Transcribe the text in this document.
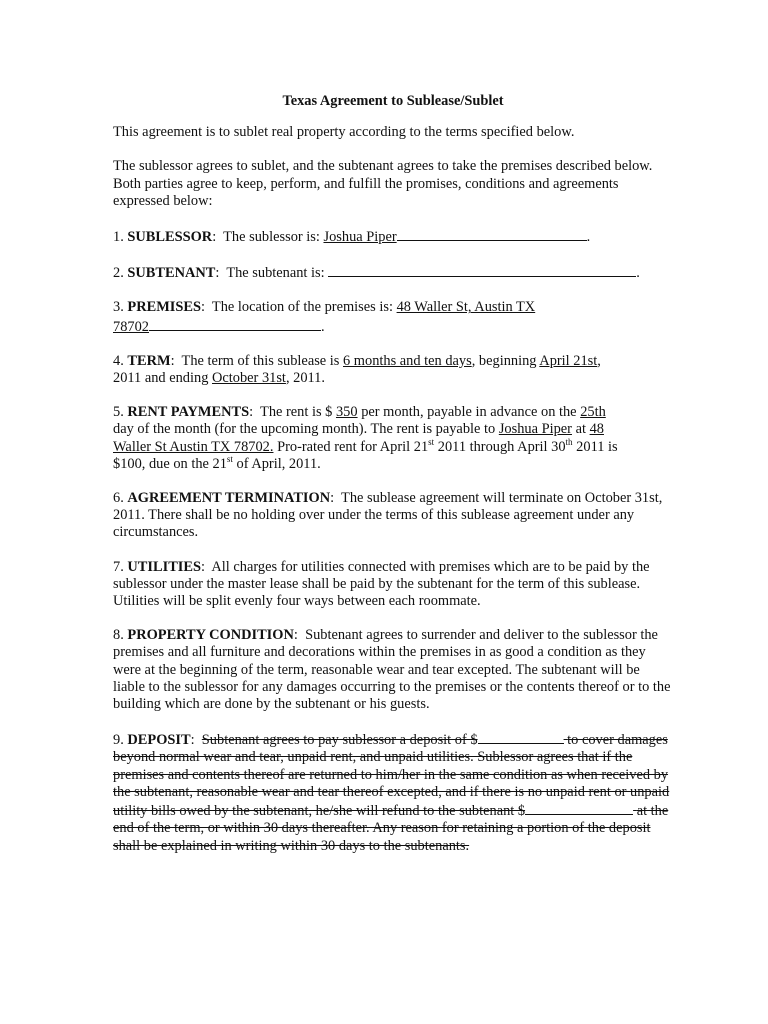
Texas Agreement to Sublease/Sublet

This agreement is to sublet real property according to the terms specified below.

The sublessor agrees to sublet, and the subtenant agrees to take the premises described below. Both parties agree to keep, perform, and fulfill the promises, conditions and agreements expressed below:

1. SUBLESSOR:  The sublessor is: Joshua Piper	.

2. SUBTENANT:  The subtenant is:	.

3. PREMISES:  The location of the premises is: 48 Waller St, Austin TX
78702	.

4. TERM:  The term of this sublease is 6 months and ten days, beginning April 21st,
2011 and ending October 31st, 2011.

5. RENT PAYMENTS:  The rent is $ 350 per month, payable in advance on the 25th
day of the month (for the upcoming month). The rent is payable to Joshua Piper at 48
Waller St Austin TX 78702. Pro-rated rent for April 21st 2011 through April 30th 2011 is
$100, due on the 21st of April, 2011.

6. AGREEMENT TERMINATION:  The sublease agreement will terminate on October 31st, 2011. There shall be no holding over under the terms of this sublease agreement under any circumstances.

7. UTILITIES:  All charges for utilities connected with premises which are to be paid by the sublessor under the master lease shall be paid by the subtenant for the term of this sublease. Utilities will be split evenly four ways between each roommate.

8. PROPERTY CONDITION:  Subtenant agrees to surrender and deliver to the sublessor the premises and all furniture and decorations within the premises in as good a condition as they were at the beginning of the term, reasonable wear and tear excepted. The subtenant will be liable to the sublessor for any damages occurring to the premises or the contents thereof or to the building which are done by the subtenant or his guests.

9. DEPOSIT:  Subtenant agrees to pay sublessor a deposit of $	to cover damages beyond normal wear and tear, unpaid rent, and unpaid utilities. Sublessor agrees that if the premises and contents thereof are returned to him/her in the same condition as when received by the subtenant, reasonable wear and tear thereof excepted, and if there is no unpaid rent or unpaid utility bills owed by the subtenant, he/she will refund to the subtenant $	at the end of the term, or within 30 days thereafter. Any reason for retaining a portion of the deposit shall be explained in writing within 30 days to the subtenants.
